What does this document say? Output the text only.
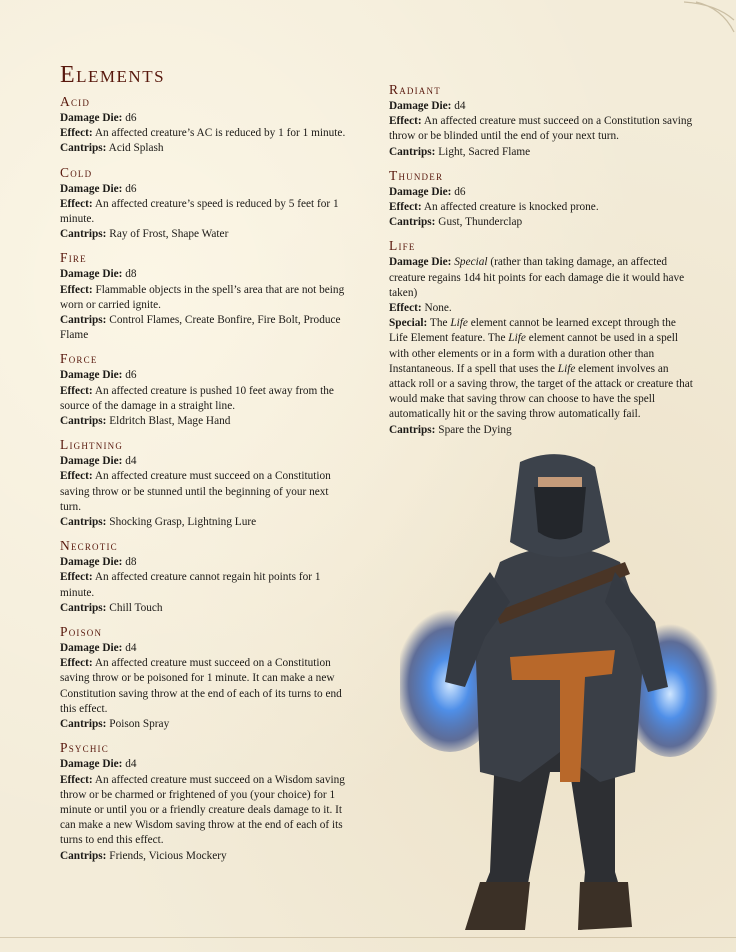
Elements
Acid

Damage Die: d6

Effect: An affected creature’s AC is reduced by 1 for 1 minute.

Cantrips: Acid Splash

Cold

Damage Die: d6

Effect: An affected creature’s speed is reduced by 5 feet for 1 minute.

Cantrips: Ray of Frost, Shape Water

Fire

Damage Die: d8

Effect: Flammable objects in the spell’s area that are not being worn or carried ignite.

Cantrips: Control Flames, Create Bonfire, Fire Bolt, Produce Flame

Force

Damage Die: d6

Effect: An affected creature is pushed 10 feet away from the source of the damage in a straight line.

Cantrips: Eldritch Blast, Mage Hand

Lightning

Damage Die: d4

Effect: An affected creature must succeed on a Constitution saving throw or be stunned until the beginning of your next turn.

Cantrips: Shocking Grasp, Lightning Lure

Necrotic

Damage Die: d8

Effect: An affected creature cannot regain hit points for 1 minute.

Cantrips: Chill Touch

Poison

Damage Die: d4

Effect: An affected creature must succeed on a Constitution saving throw or be poisoned for 1 minute. It can make a new Constitution saving throw at the end of each of its turns to end this effect.

Cantrips: Poison Spray

Psychic

Damage Die: d4

Effect: An affected creature must succeed on a Wisdom saving throw or be charmed or frightened of you (your choice) for 1 minute or until you or a friendly creature deals damage to it. It can make a new Wisdom saving throw at the end of each of its turns to end this effect.

Cantrips: Friends, Vicious Mockery

Radiant

Damage Die: d4

Effect: An affected creature must succeed on a Constitution saving throw or be blinded until the end of your next turn.

Cantrips: Light, Sacred Flame

Thunder

Damage Die: d6

Effect: An affected creature is knocked prone.

Cantrips: Gust, Thunderclap

Life

Damage Die: Special (rather than taking damage, an affected creature regains 1d4 hit points for each damage die it would have taken)

Effect: None.

Special: The Life element cannot be learned except through the Life Element feature. The Life element cannot be used in a spell with other elements or in a form with a duration other than Instantaneous. If a spell that uses the Life element involves an attack roll or a saving throw, the target of the attack or creature that would make that saving throw can choose to have the spell automatically hit or the saving throw automatically fail.

Cantrips: Spare the Dying
